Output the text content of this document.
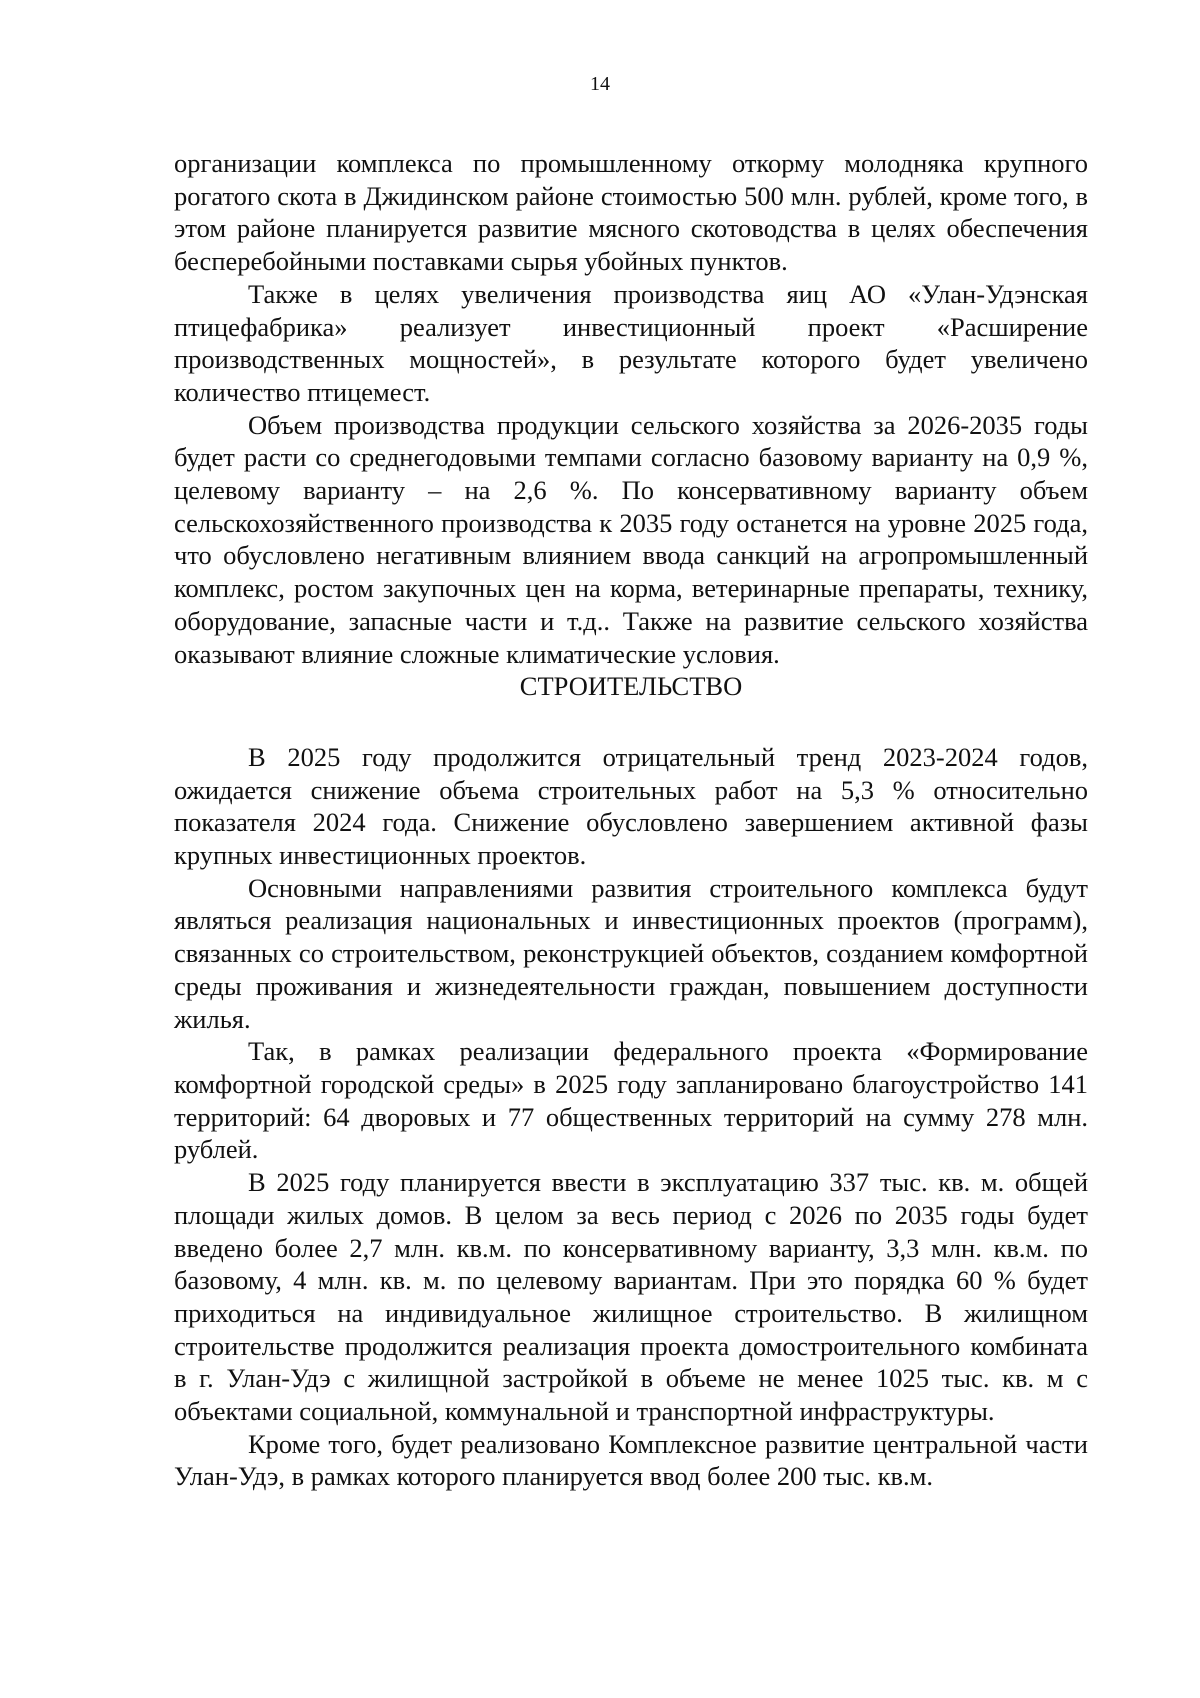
14

организации комплекса по промышленному откорму молодняка крупного рогатого скота в Джидинском районе стоимостью 500 млн. рублей, кроме того, в этом районе планируется развитие мясного скотоводства в целях обеспечения бесперебойными поставками сырья убойных пунктов.

Также в целях увеличения производства яиц АО «Улан-Удэнская птицефабрика» реализует инвестиционный проект «Расширение производственных мощностей», в результате которого будет увеличено количество птицемест.

Объем производства продукции сельского хозяйства за 2026-2035 годы будет расти со среднегодовыми темпами согласно базовому варианту на 0,9 %, целевому варианту – на 2,6 %. По консервативному варианту объем сельскохозяйственного производства к 2035 году останется на уровне 2025 года, что обусловлено негативным влиянием ввода санкций на агропромышленный комплекс, ростом закупочных цен на корма, ветеринарные препараты, технику, оборудование, запасные части и т.д.. Также на развитие сельского хозяйства оказывают влияние сложные климатические условия.

СТРОИТЕЛЬСТВО

В 2025 году продолжится отрицательный тренд 2023-2024 годов, ожидается снижение объема строительных работ на 5,3 % относительно показателя 2024 года. Снижение обусловлено завершением активной фазы крупных инвестиционных проектов.

Основными направлениями развития строительного комплекса будут являться реализация национальных и инвестиционных проектов (программ), связанных со строительством, реконструкцией объектов, созданием комфортной среды проживания и жизнедеятельности граждан, повышением доступности жилья.

Так, в рамках реализации федерального проекта «Формирование комфортной городской среды» в 2025 году запланировано благоустройство 141 территорий: 64 дворовых и 77 общественных территорий на сумму 278 млн. рублей.

В 2025 году планируется ввести в эксплуатацию 337 тыс. кв. м. общей площади жилых домов. В целом за весь период с 2026 по 2035 годы будет введено более 2,7 млн. кв.м. по консервативному варианту, 3,3 млн. кв.м. по базовому, 4 млн. кв. м. по целевому вариантам. При это порядка 60 % будет приходиться на индивидуальное жилищное строительство. В жилищном строительстве продолжится реализация проекта домостроительного комбината в г. Улан-Удэ с жилищной застройкой в объеме не менее 1025 тыс. кв. м с объектами социальной, коммунальной и транспортной инфраструктуры.

Кроме того, будет реализовано Комплексное развитие центральной части Улан-Удэ, в рамках которого планируется ввод более 200 тыс. кв.м.
